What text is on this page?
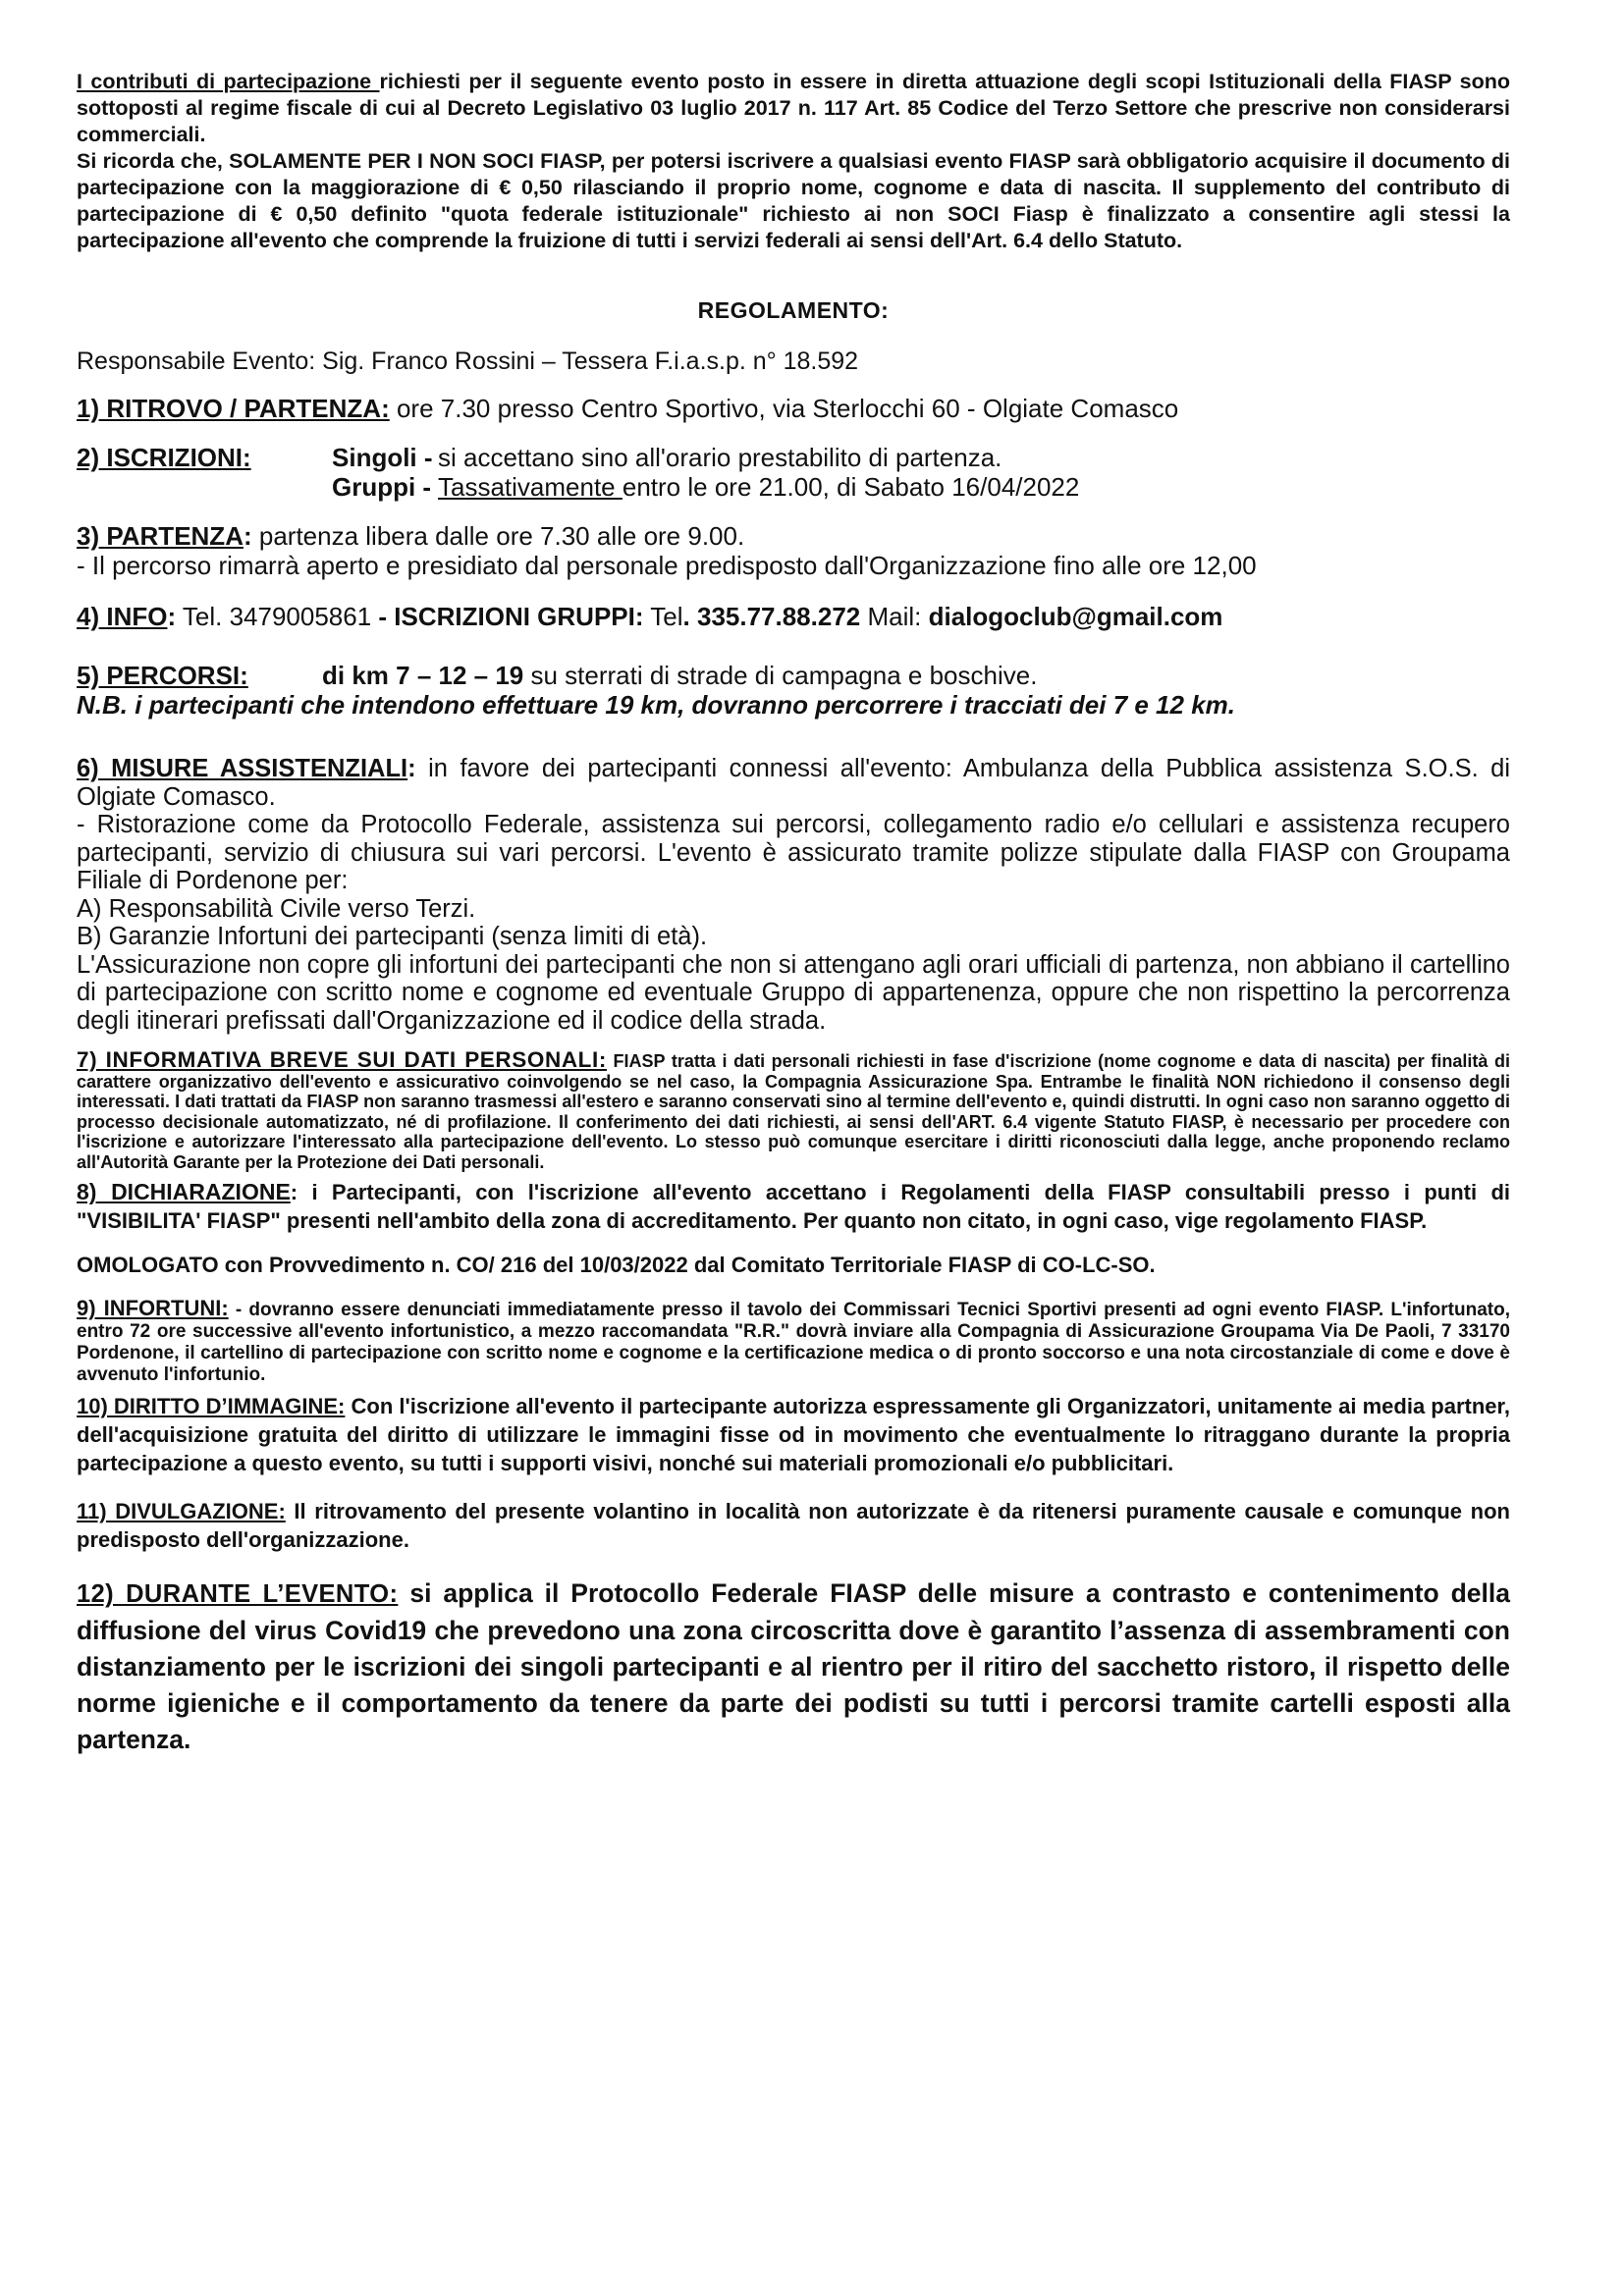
I contributi di partecipazione richiesti per il seguente evento posto in essere in diretta attuazione degli scopi Istituzionali della FIASP sono sottoposti al regime fiscale di cui al Decreto Legislativo 03 luglio 2017 n. 117 Art. 85 Codice del Terzo Settore che prescrive non considerarsi commerciali.

Si ricorda che, SOLAMENTE PER I NON SOCI FIASP, per potersi iscrivere a qualsiasi evento FIASP sarà obbligatorio acquisire il documento di partecipazione con la maggiorazione di € 0,50 rilasciando il proprio nome, cognome e data di nascita. Il supplemento del contributo di partecipazione di € 0,50 definito "quota federale istituzionale" richiesto ai non SOCI Fiasp è finalizzato a consentire agli stessi la partecipazione all'evento che comprende la fruizione di tutti i servizi federali ai sensi dell'Art. 6.4 dello Statuto.

REGOLAMENTO:

Responsabile Evento: Sig. Franco Rossini – Tessera F.i.a.s.p. n° 18.592

1) RITROVO / PARTENZA: ore 7.30 presso Centro Sportivo, via Sterlocchi 60 - Olgiate Comasco

2) ISCRIZIONI:	Singoli - si accettano sino all'orario prestabilito di partenza.
Gruppi - Tassativamente entro le ore 21.00, di Sabato 16/04/2022

3) PARTENZA: partenza libera dalle ore 7.30 alle ore 9.00.

- Il percorso rimarrà aperto e presidiato dal personale predisposto dall'Organizzazione fino alle ore 12,00

4) INFO: Tel. 3479005861 - ISCRIZIONI GRUPPI: Tel. 335.77.88.272 Mail: dialogoclub@gmail.com

5) PERCORSI:	di km 7 – 12 – 19 su sterrati di strade di campagna e boschive.

N.B. i partecipanti che intendono effettuare 19 km, dovranno percorrere i tracciati dei 7 e 12 km.

6) MISURE ASSISTENZIALI: in favore dei partecipanti connessi all'evento: Ambulanza della Pubblica assistenza S.O.S. di Olgiate Comasco.

- Ristorazione come da Protocollo Federale, assistenza sui percorsi, collegamento radio e/o cellulari e assistenza recupero partecipanti, servizio di chiusura sui vari percorsi. L'evento è assicurato tramite polizze stipulate dalla FIASP con Groupama Filiale di Pordenone per:

A) Responsabilità Civile verso Terzi.

B) Garanzie Infortuni dei partecipanti (senza limiti di età).

L'Assicurazione non copre gli infortuni dei partecipanti che non si attengano agli orari ufficiali di partenza, non abbiano il cartellino di partecipazione con scritto nome e cognome ed eventuale Gruppo di appartenenza, oppure che non rispettino la percorrenza degli itinerari prefissati dall'Organizzazione ed il codice della strada.

7) INFORMATIVA BREVE SUI DATI PERSONALI: FIASP tratta i dati personali richiesti in fase d'iscrizione (nome cognome e data di nascita) per finalità di carattere organizzativo dell'evento e assicurativo coinvolgendo se nel caso, la Compagnia Assicurazione Spa. Entrambe le finalità NON richiedono il consenso degli interessati. I dati trattati da FIASP non saranno trasmessi all'estero e saranno conservati sino al termine dell'evento e, quindi distrutti. In ogni caso non saranno oggetto di processo decisionale automatizzato, né di profilazione. Il conferimento dei dati richiesti, ai sensi dell'ART. 6.4 vigente Statuto FIASP, è necessario per procedere con l'iscrizione e autorizzare l'interessato alla partecipazione dell'evento. Lo stesso può comunque esercitare i diritti riconosciuti dalla legge, anche proponendo reclamo all'Autorità Garante per la Protezione dei Dati personali.

8) DICHIARAZIONE: i Partecipanti, con l'iscrizione all'evento accettano i Regolamenti della FIASP consultabili presso i punti di "VISIBILITA' FIASP" presenti nell'ambito della zona di accreditamento. Per quanto non citato, in ogni caso, vige regolamento FIASP.

OMOLOGATO con Provvedimento n. CO/ 216 del 10/03/2022 dal Comitato Territoriale FIASP di CO-LC-SO.

9) INFORTUNI: - dovranno essere denunciati immediatamente presso il tavolo dei Commissari Tecnici Sportivi presenti ad ogni evento FIASP. L'infortunato, entro 72 ore successive all'evento infortunistico, a mezzo raccomandata "R.R." dovrà inviare alla Compagnia di Assicurazione Groupama Via De Paoli, 7 33170 Pordenone, il cartellino di partecipazione con scritto nome e cognome e la certificazione medica o di pronto soccorso e una nota circostanziale di come e dove è avvenuto l'infortunio.

10) DIRITTO D’IMMAGINE: Con l'iscrizione all'evento il partecipante autorizza espressamente gli Organizzatori, unitamente ai media partner, dell'acquisizione gratuita del diritto di utilizzare le immagini fisse od in movimento che eventualmente lo ritraggano durante la propria partecipazione a questo evento, su tutti i supporti visivi, nonché sui materiali promozionali e/o pubblicitari.

11) DIVULGAZIONE: Il ritrovamento del presente volantino in località non autorizzate è da ritenersi puramente causale e comunque non predisposto dell'organizzazione.

12) DURANTE L’EVENTO: si applica il Protocollo Federale FIASP delle misure a contrasto e contenimento della diffusione del virus Covid19 che prevedono una zona circoscritta dove è garantito l’assenza di assembramenti con distanziamento per le iscrizioni dei singoli partecipanti e al rientro per il ritiro del sacchetto ristoro, il rispetto delle norme igieniche e il comportamento da tenere da parte dei podisti su tutti i percorsi tramite cartelli esposti alla partenza.
